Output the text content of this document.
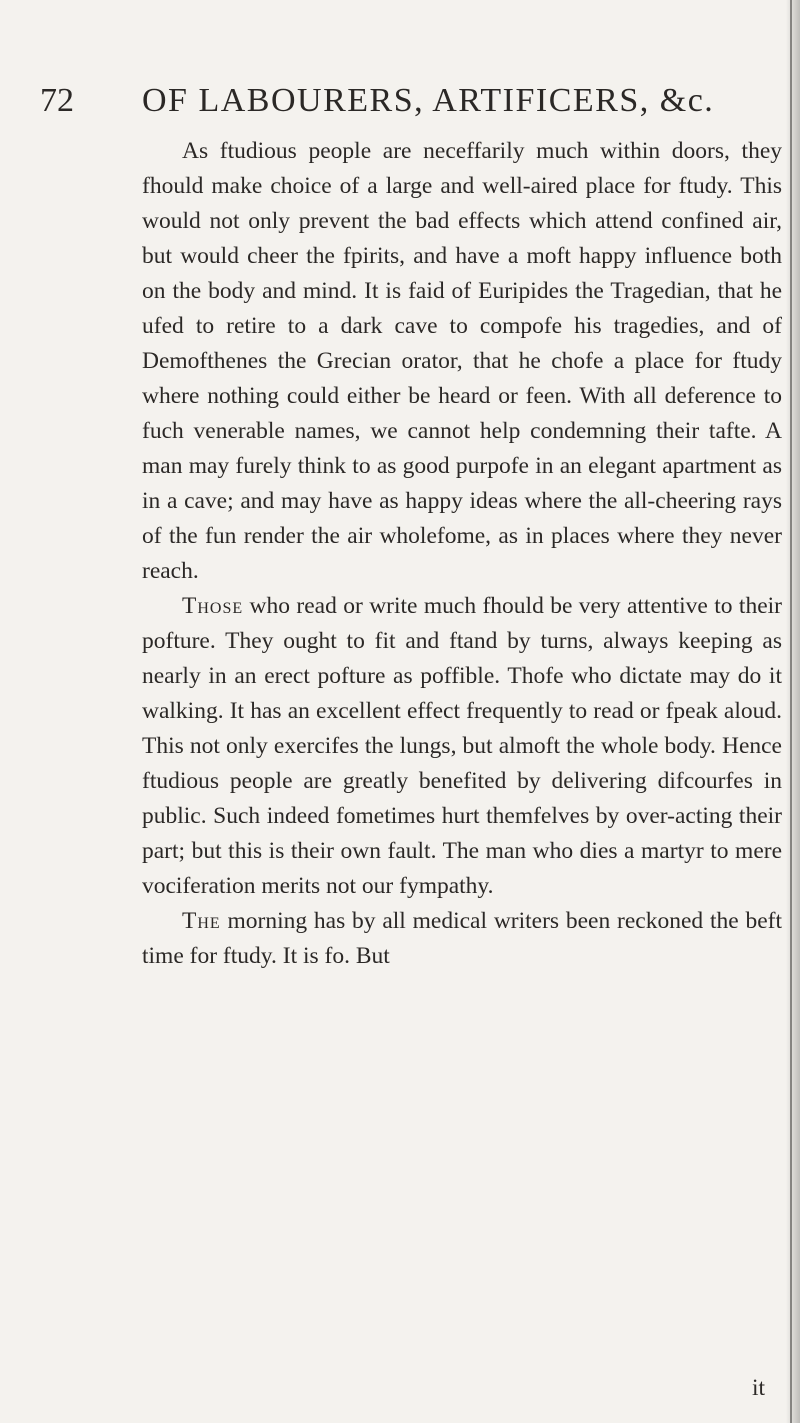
72 OF LABOURERS, ARTIFICERS, &c.

As ftudious people are neceffarily much within doors, they fhould make choice of a large and well-aired place for ftudy. This would not only prevent the bad effects which attend confined air, but would cheer the fpirits, and have a moft happy influence both on the body and mind. It is faid of Euripides the Tragedian, that he ufed to retire to a dark cave to compofe his tragedies, and of Demofthenes the Grecian orator, that he chofe a place for ftudy where nothing could either be heard or feen. With all deference to fuch venerable names, we cannot help condemning their tafte. A man may furely think to as good purpofe in an elegant apartment as in a cave; and may have as happy ideas where the all-cheering rays of the fun render the air wholefome, as in places where they never reach.

Those who read or write much fhould be very attentive to their pofture. They ought to fit and ftand by turns, always keeping as nearly in an erect pofture as poffible. Thofe who dictate may do it walking. It has an excellent effect frequently to read or fpeak aloud. This not only exercifes the lungs, but almoft the whole body. Hence ftudious people are greatly benefited by delivering difcourfes in public. Such indeed fometimes hurt themfelves by over-acting their part; but this is their own fault. The man who dies a martyr to mere vociferation merits not our fympathy.

The morning has by all medical writers been reckoned the beft time for ftudy. It is fo. But

it
